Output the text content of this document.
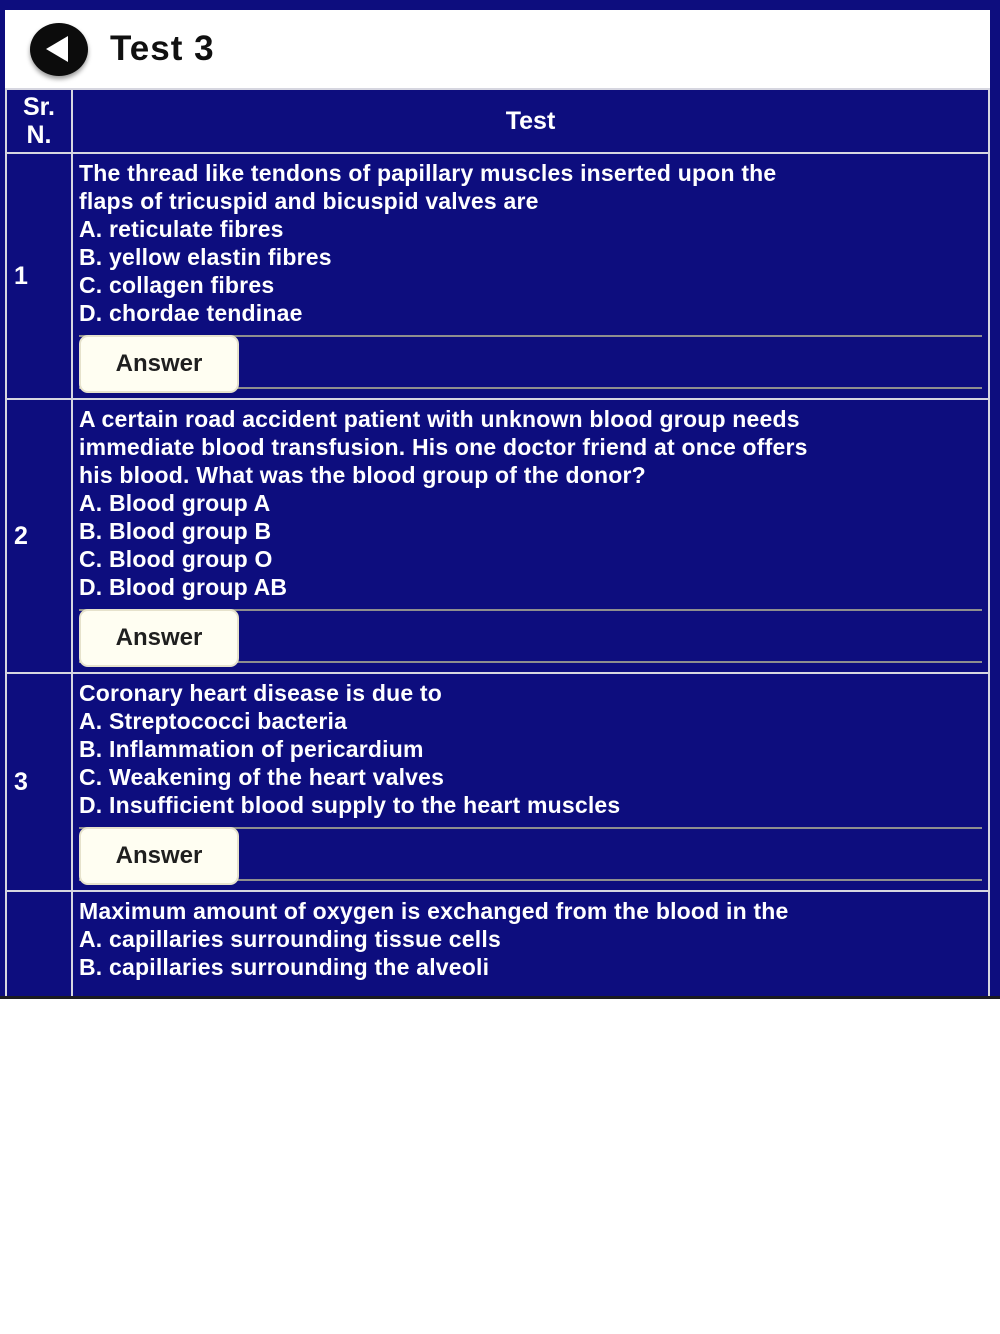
Test 3
Sr. N.	Test
1	
The thread like tendons of papillary muscles inserted upon the
flaps of tricuspid and bicuspid valves are
A. reticulate fibres
B. yellow elastin fibres
C. collagen fibres
D. chordae tendinae
Answer

2	
A certain road accident patient with unknown blood group needs
immediate blood transfusion. His one doctor friend at once offers
his blood. What was the blood group of the donor?
A. Blood group A
B. Blood group B
C. Blood group O
D. Blood group AB
Answer

3	
Coronary heart disease is due to
A. Streptococci bacteria
B. Inflammation of pericardium
C. Weakening of the heart valves
D. Insufficient blood supply to the heart muscles
Answer

	Maximum amount of oxygen is exchanged from the blood in the
A. capillaries surrounding tissue cells
B. capillaries surrounding the alveoli
